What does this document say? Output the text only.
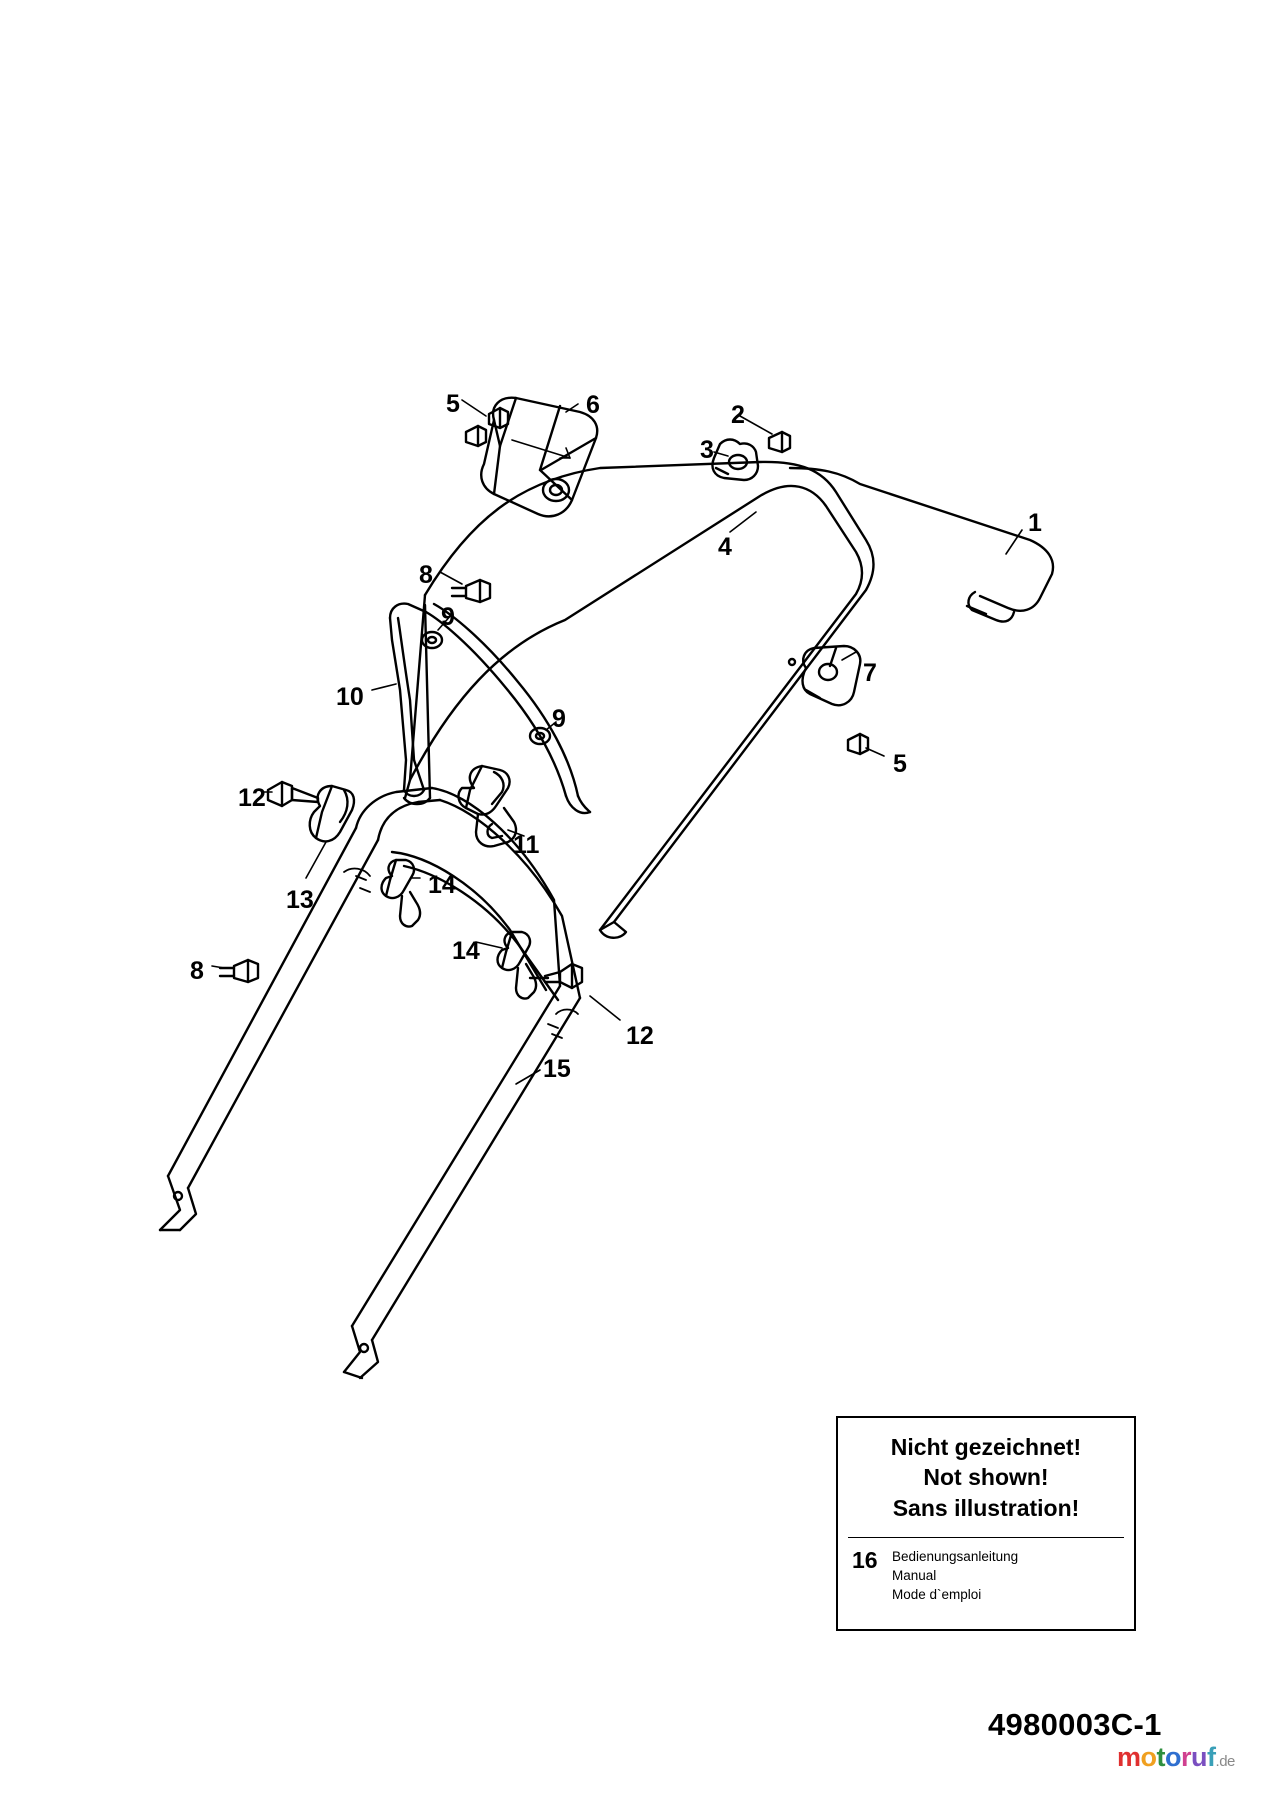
5	6	2
3
1
4
8
9
10
7
9
5
12
11
13
14
14
8
12
15
Nicht gezeichnet!
Not shown!
Sans illustration!
16	Bedienungsanleitung
Manual
Mode d`emploi
4980003C-1
motoruf.de
